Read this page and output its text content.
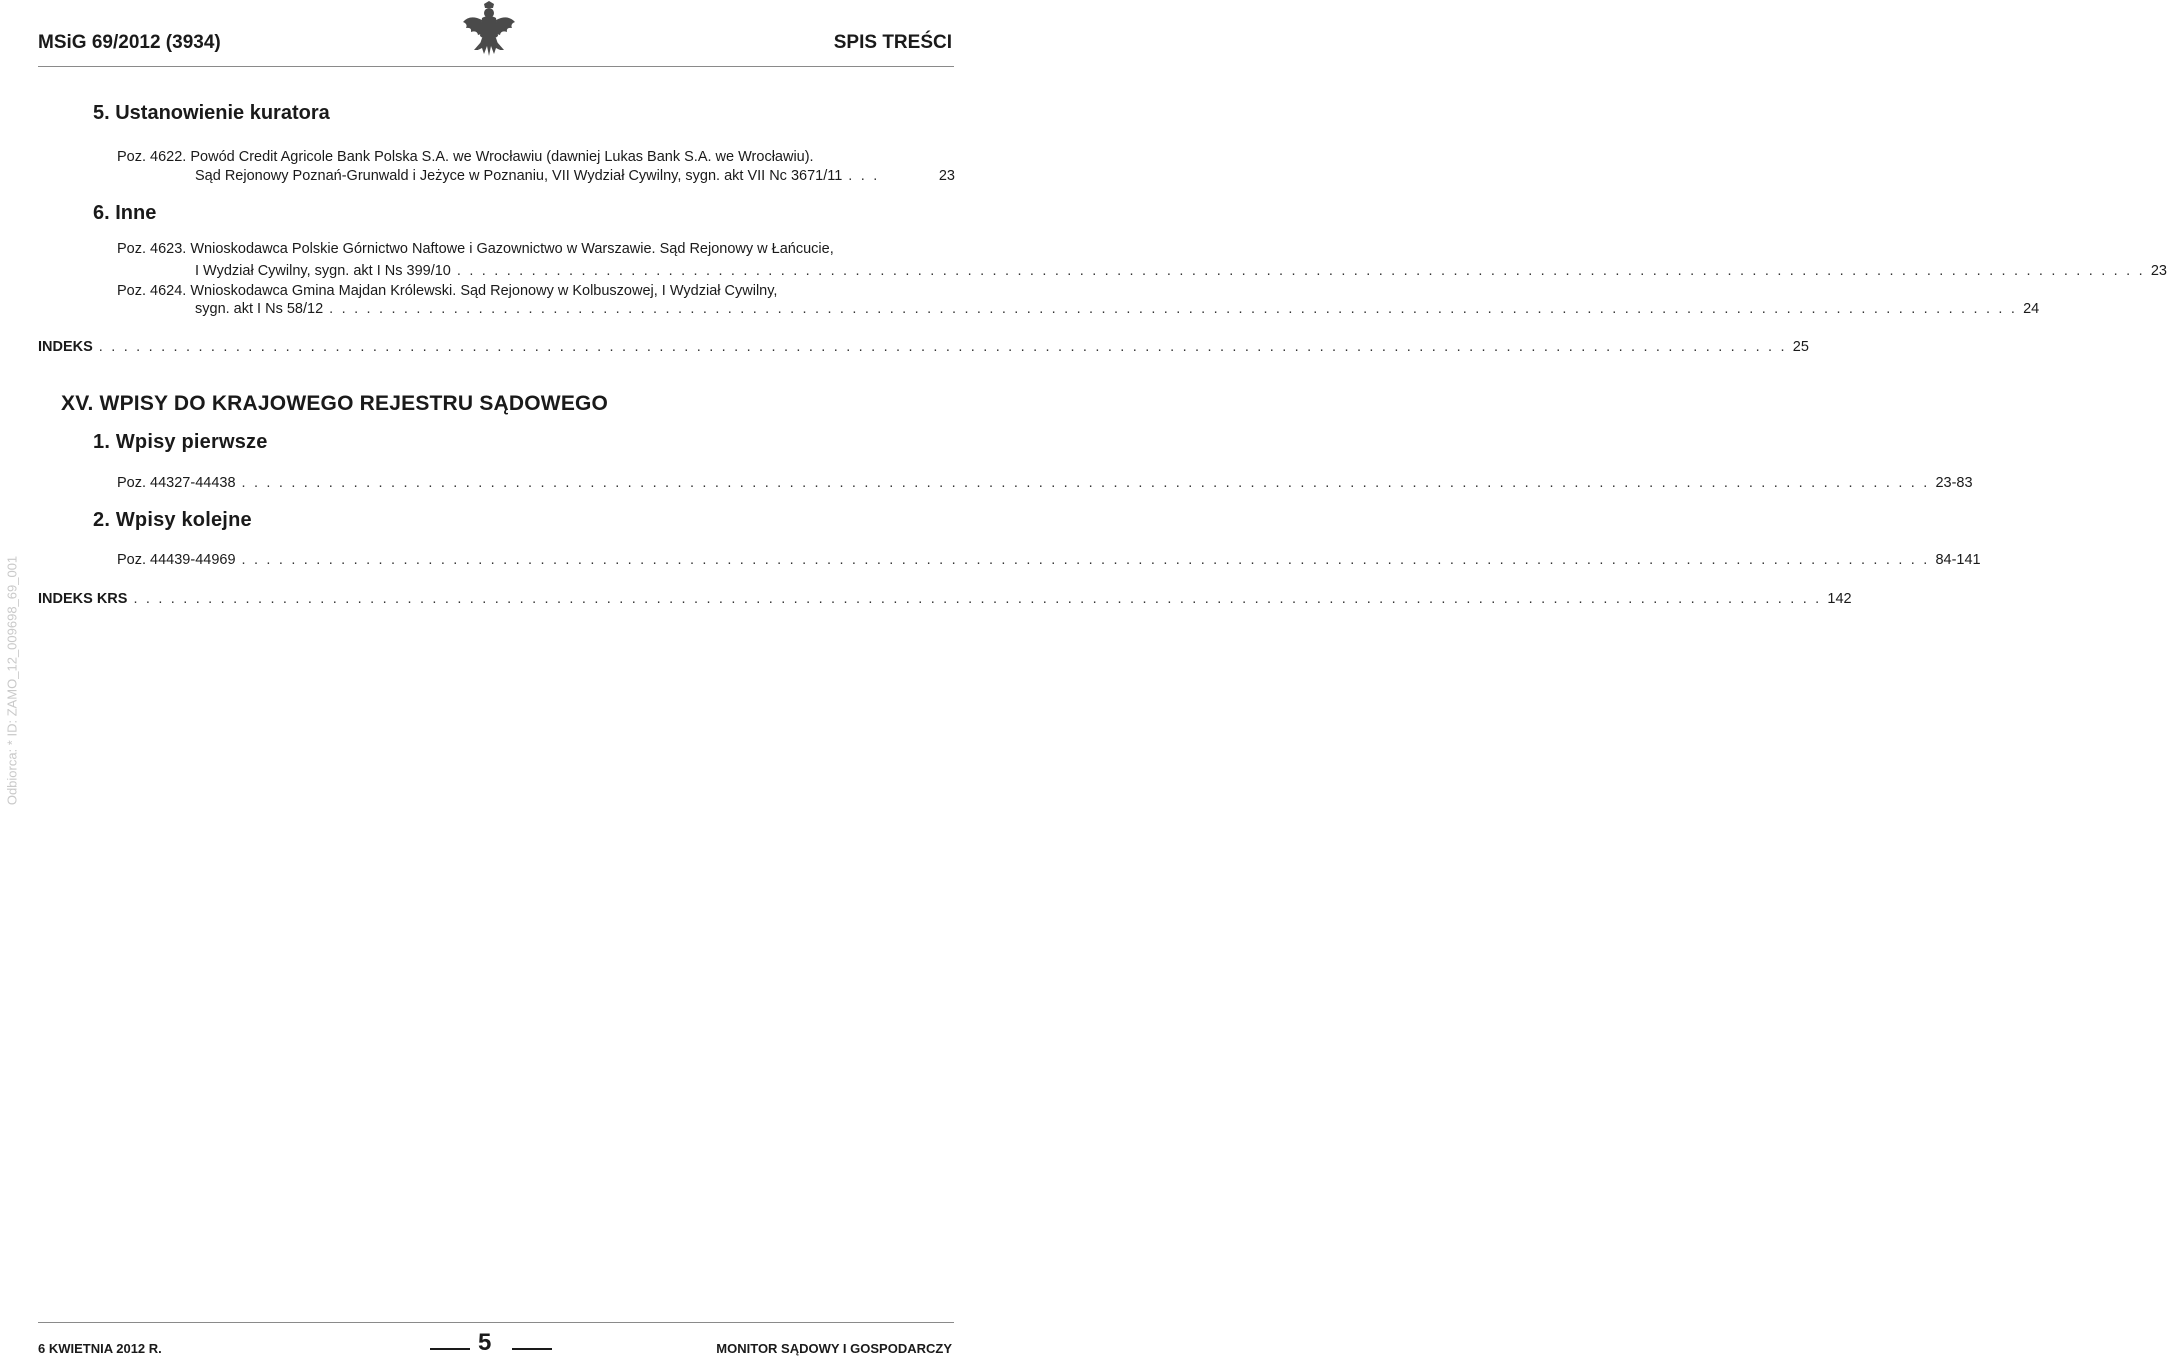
MSiG 69/2012 (3934)	SPIS TREŚCI
5. Ustanowienie kuratora
Poz. 4622. Powód Credit Agricole Bank Polska S.A. we Wrocławiu (dawniej Lukas Bank S.A. we Wrocławiu).
Sąd Rejonowy Poznań-Grunwald i Jeżyce w Poznaniu, VII Wydział Cywilny, sygn. akt VII Nc 3671/11 . . .	23
6. Inne
Poz. 4623. Wnioskodawca Polskie Górnictwo Naftowe i Gazownictwo w Warszawie. Sąd Rejonowy w Łańcucie,
I Wydział Cywilny, sygn. akt I Ns 399/10 . . . . . . . . . . . . . . . . . . . . . . . . . . . . . . . . . . . . . . . . . . . . . . . . . . . . . . . . . . . . . . . . . . . . . . . . . . . . . . . . . . . . . . . . . . . . . . . . . . . . . . . . . . . . . . . . . . . . . . . . . . . . . . . . . . . . . . . . 23
Poz. 4624. Wnioskodawca Gmina Majdan Królewski. Sąd Rejonowy w Kolbuszowej, I Wydział Cywilny,
sygn. akt I Ns 58/12 . . . . . . . . . . . . . . . . . . . . . . . . . . . . . . . . . . . . . . . . . . . . . . . . . . . . . . . . . . . . . . . . . . . . . . . . . . . . . . . . . . . . . . . . . . . . . . . . . . . . . . . . . . . . . . . . . . . . . . . . . . . . . . . . . . . . . . . . 24
INDEKS . . . . . . . . . . . . . . . . . . . . . . . . . . . . . . . . . . . . . . . . . . . . . . . . . . . . . . . . . . . . . . . . . . . . . . . . . . . . . . . . . . . . . . . . . . . . . . . . . . . . . . . . . . . . . . . . . . . . . . . . . . . . . . . . . . . . . . . . 25
XV. WPISY DO KRAJOWEGO REJESTRU SĄDOWEGO
1. Wpisy pierwsze
Poz. 44327-44438 . . . . . . . . . . . . . . . . . . . . . . . . . . . . . . . . . . . . . . . . . . . . . . . . . . . . . . . . . . . . . . . . . . . . . . . . . . . . . . . . . . . . . . . . . . . . . . . . . . . . . . . . . . . . . . . . . . . . . . . . . . . . . . . . . . . . . . . . 23-83
2. Wpisy kolejne
Poz. 44439-44969 . . . . . . . . . . . . . . . . . . . . . . . . . . . . . . . . . . . . . . . . . . . . . . . . . . . . . . . . . . . . . . . . . . . . . . . . . . . . . . . . . . . . . . . . . . . . . . . . . . . . . . . . . . . . . . . . . . . . . . . . . . . . . . . . . . . . . . . . 84-141
INDEKS KRS . . . . . . . . . . . . . . . . . . . . . . . . . . . . . . . . . . . . . . . . . . . . . . . . . . . . . . . . . . . . . . . . . . . . . . . . . . . . . . . . . . . . . . . . . . . . . . . . . . . . . . . . . . . . . . . . . . . . . . . . . . . . . . . . . . . . . . . . 142
Odbiorca: * ID: ZAMO_12_009698_69_001
6 KWIETNIA 2012 R.	5	MONITOR SĄDOWY I GOSPODARCZY
